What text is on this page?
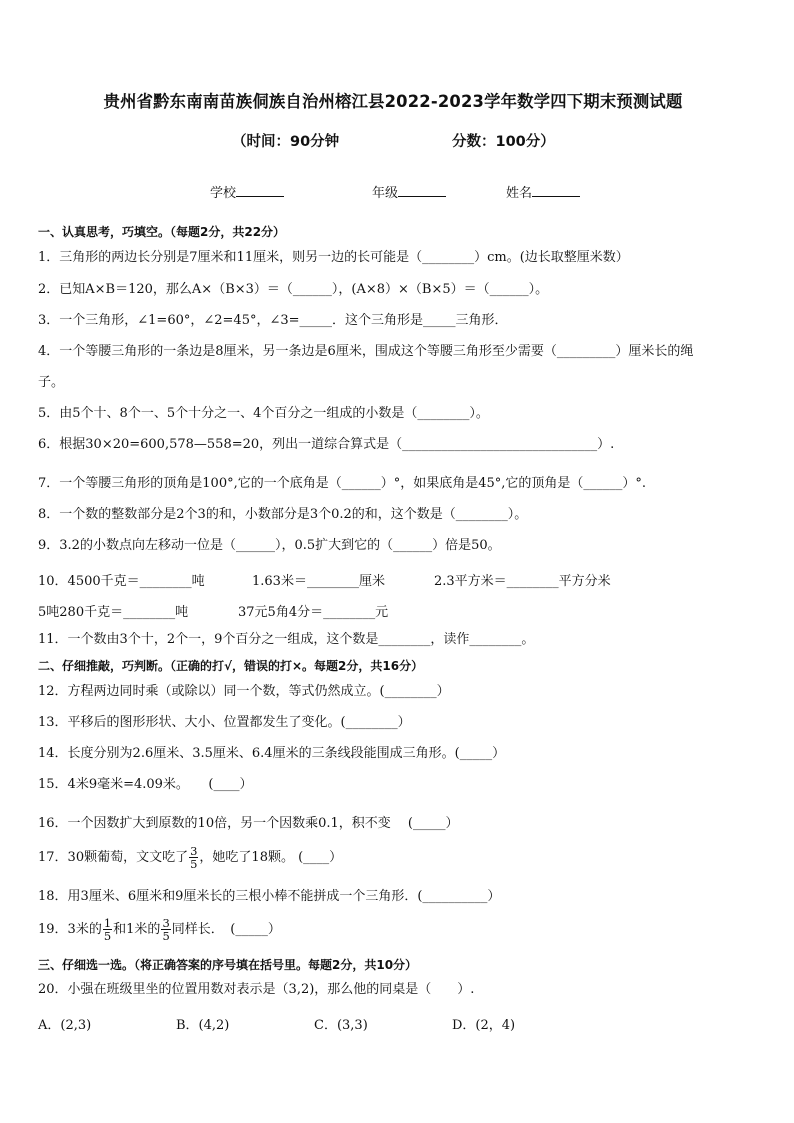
贵州省黔东南南苗族侗族自治州榕江县2022-2023学年数学四下期末预测试题
（时间：90分钟	分数：100分）
学校	年级	姓名
一、认真思考，巧填空。（每题2分，共22分）
1．三角形的两边长分别是7厘米和11厘米，则另一边的长可能是（________）cm。(边长取整厘米数）
2．已知A×B＝120，那么A×（B×3）＝（______），(A×8）×（B×5）＝（______）。
3．一个三角形，∠1=60°，∠2=45°，∠3=_____．这个三角形是_____三角形．
4．一个等腰三角形的一条边是8厘米，另一条边是6厘米，围成这个等腰三角形至少需要（_________）厘米长的绳
子。
5．由5个十、8个一、5个十分之一、4个百分之一组成的小数是（________）。
6．根据30×20=600,578—558=20，列出一道综合算式是（______________________________）.
7．一个等腰三角形的顶角是100°,它的一个底角是（______）°，如果底角是45°,它的顶角是（______）°.
8．一个数的整数部分是2个3的和，小数部分是3个0.2的和，这个数是（________）。
9．3.2的小数点向左移动一位是（______），0.5扩大到它的（______）倍是50。
10．4500千克＝________吨	1.63米＝________厘米	2.3平方米＝________平方分米
5吨280千克＝________吨	37元5角4分＝________元
11．一个数由3个十，2个一，9个百分之一组成，这个数是________，读作________。
二、仔细推敲，巧判断。（正确的打√，错误的打×。每题2分，共16分）
12．方程两边同时乘（或除以）同一个数，等式仍然成立。(________）
13．平移后的图形形状、大小、位置都发生了变化。(________）
14．长度分别为2.6厘米、3.5厘米、6.4厘米的三条线段能围成三角形。(_____）
15．4米9毫米=4.09米。　　(____）
16．一个因数扩大到原数的10倍，另一个因数乘0.1，积不变　 (_____）
17．30颗葡萄，文文吃了 $\frac{3}{5}$ ，她吃了18颗。 (____）
18．用3厘米、6厘米和9厘米长的三根小棒不能拼成一个三角形．(__________）
19．3米的 $\frac{1}{5}$ 和1米的 $\frac{3}{5}$ 同样长．　(_____）
三、仔细选一选。（将正确答案的序号填在括号里。每题2分，共10分）
20．小强在班级里坐的位置用数对表示是（3,2)，那么他的同桌是（　　）.
A．(2,3)	B．(4,2)	C．(3,3)	D．(2，4)
